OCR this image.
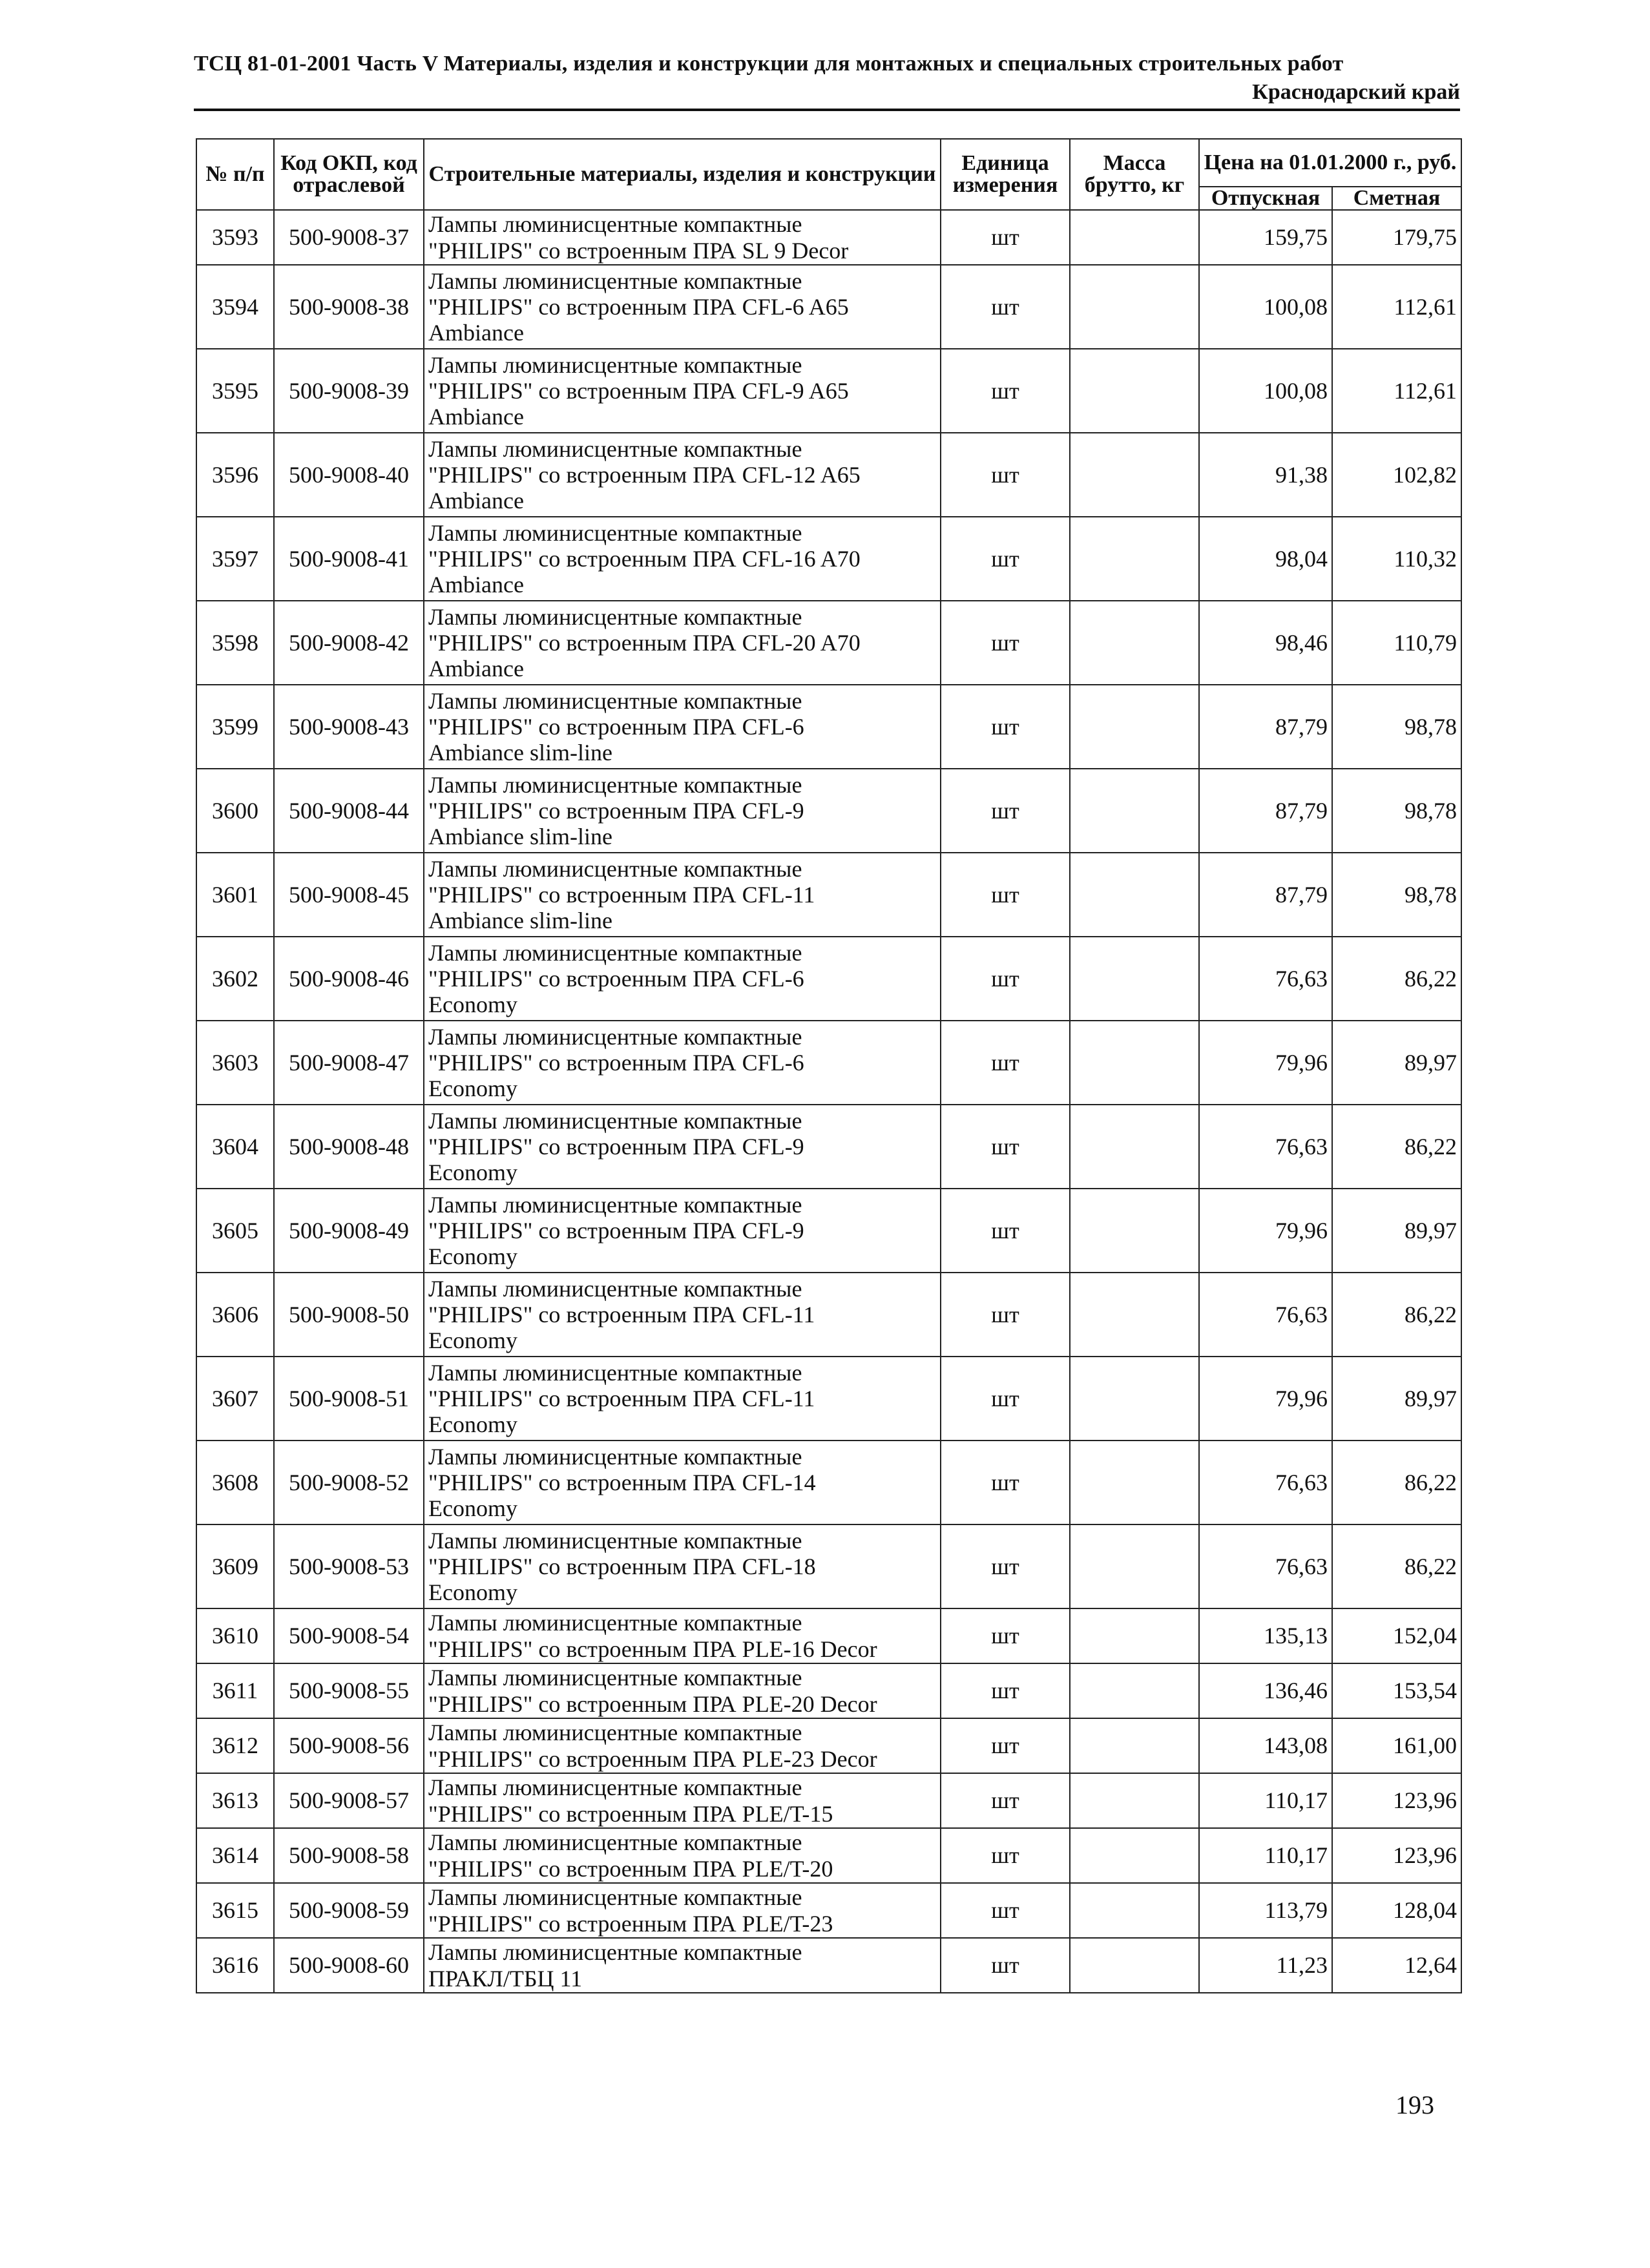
ТСЦ 81-01-2001 Часть V Материалы, изделия и конструкции для монтажных и специальных строительных работ
Краснодарский край
№ п/п	Код ОКП, код отраслевой	Строительные материалы, изделия и конструкции	Единица измерения	Масса брутто, кг	Цена на 01.01.2000 г., руб.	
					Отпускная	Сметная
3593	500-9008-37	Лампы люминисцентные компактные
"PHILIPS" со встроенным ПРА SL 9 Decor	шт		159,75	179,75
3594	500-9008-38	Лампы люминисцентные компактные
"PHILIPS" со встроенным ПРА CFL-6 A65
Ambiance	шт		100,08	112,61
3595	500-9008-39	Лампы люминисцентные компактные
"PHILIPS" со встроенным ПРА CFL-9 A65
Ambiance	шт		100,08	112,61
3596	500-9008-40	Лампы люминисцентные компактные
"PHILIPS" со встроенным ПРА CFL-12 A65
Ambiance	шт		91,38	102,82
3597	500-9008-41	Лампы люминисцентные компактные
"PHILIPS" со встроенным ПРА CFL-16 A70
Ambiance	шт		98,04	110,32
3598	500-9008-42	Лампы люминисцентные компактные
"PHILIPS" со встроенным ПРА CFL-20 A70
Ambiance	шт		98,46	110,79
3599	500-9008-43	Лампы люминисцентные компактные
"PHILIPS" со встроенным ПРА CFL-6
Ambiance slim-line	шт		87,79	98,78
3600	500-9008-44	Лампы люминисцентные компактные
"PHILIPS" со встроенным ПРА CFL-9
Ambiance slim-line	шт		87,79	98,78
3601	500-9008-45	Лампы люминисцентные компактные
"PHILIPS" со встроенным ПРА CFL-11
Ambiance slim-line	шт		87,79	98,78
3602	500-9008-46	Лампы люминисцентные компактные
"PHILIPS" со встроенным ПРА CFL-6
Economy	шт		76,63	86,22
3603	500-9008-47	Лампы люминисцентные компактные
"PHILIPS" со встроенным ПРА CFL-6
Economy	шт		79,96	89,97
3604	500-9008-48	Лампы люминисцентные компактные
"PHILIPS" со встроенным ПРА CFL-9
Economy	шт		76,63	86,22
3605	500-9008-49	Лампы люминисцентные компактные
"PHILIPS" со встроенным ПРА CFL-9
Economy	шт		79,96	89,97
3606	500-9008-50	Лампы люминисцентные компактные
"PHILIPS" со встроенным ПРА CFL-11
Economy	шт		76,63	86,22
3607	500-9008-51	Лампы люминисцентные компактные
"PHILIPS" со встроенным ПРА CFL-11
Economy	шт		79,96	89,97
3608	500-9008-52	Лампы люминисцентные компактные
"PHILIPS" со встроенным ПРА CFL-14
Economy	шт		76,63	86,22
3609	500-9008-53	Лампы люминисцентные компактные
"PHILIPS" со встроенным ПРА CFL-18
Economy	шт		76,63	86,22
3610	500-9008-54	Лампы люминисцентные компактные
"PHILIPS" со встроенным ПРА PLE-16 Decor	шт		135,13	152,04
3611	500-9008-55	Лампы люминисцентные компактные
"PHILIPS" со встроенным ПРА PLE-20 Decor	шт		136,46	153,54
3612	500-9008-56	Лампы люминисцентные компактные
"PHILIPS" со встроенным ПРА PLE-23 Decor	шт		143,08	161,00
3613	500-9008-57	Лампы люминисцентные компактные
"PHILIPS" со встроенным ПРА PLE/T-15	шт		110,17	123,96
3614	500-9008-58	Лампы люминисцентные компактные
"PHILIPS" со встроенным ПРА PLE/T-20	шт		110,17	123,96
3615	500-9008-59	Лампы люминисцентные компактные
"PHILIPS" со встроенным ПРА PLE/T-23	шт		113,79	128,04
3616	500-9008-60	Лампы люминисцентные компактные
ПРАКЛ/ТБЦ 11	шт		11,23	12,64
193
